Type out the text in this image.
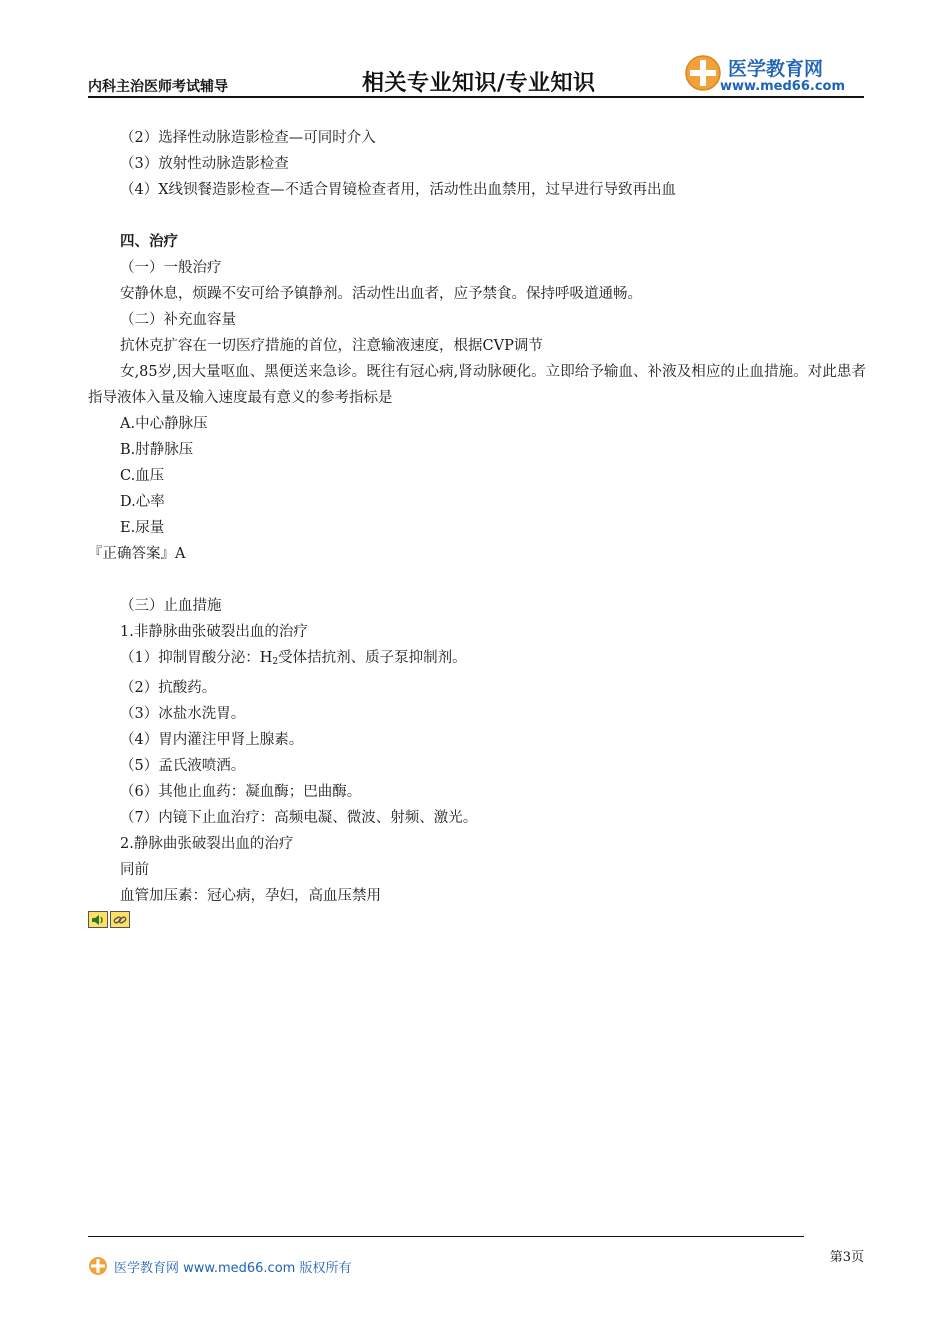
内科主治医师考试辅导	相关专业知识/专业知识
医学教育网
www.med66.com
（2）选择性动脉造影检查—可同时介入
（3）放射性动脉造影检查
（4）X线钡餐造影检查—不适合胃镜检查者用，活动性出血禁用，过早进行导致再出血
四、治疗
（一）一般治疗
安静休息，烦躁不安可给予镇静剂。活动性出血者，应予禁食。保持呼吸道通畅。
（二）补充血容量
抗休克扩容在一切医疗措施的首位，注意输液速度，根据CVP调节
女,85岁,因大量呕血、黑便送来急诊。既往有冠心病,肾动脉硬化。立即给予输血、补液及相应的止血措施。对此患者指导液体入量及输入速度最有意义的参考指标是
A.中心静脉压
B.肘静脉压
C.血压
D.心率
E.尿量
『正确答案』A
（三）止血措施
1.非静脉曲张破裂出血的治疗
（1）抑制胃酸分泌：$H_2$受体拮抗剂、质子泵抑制剂。
（2）抗酸药。
（3）冰盐水洗胃。
（4）胃内灌注甲肾上腺素。
（5）孟氏液喷洒。
（6）其他止血药：凝血酶；巴曲酶。
（7）内镜下止血治疗：高频电凝、微波、射频、激光。
2.静脉曲张破裂出血的治疗
同前
血管加压素：冠心病，孕妇，高血压禁用
医学教育网 www.med66.com 版权所有
第3页
